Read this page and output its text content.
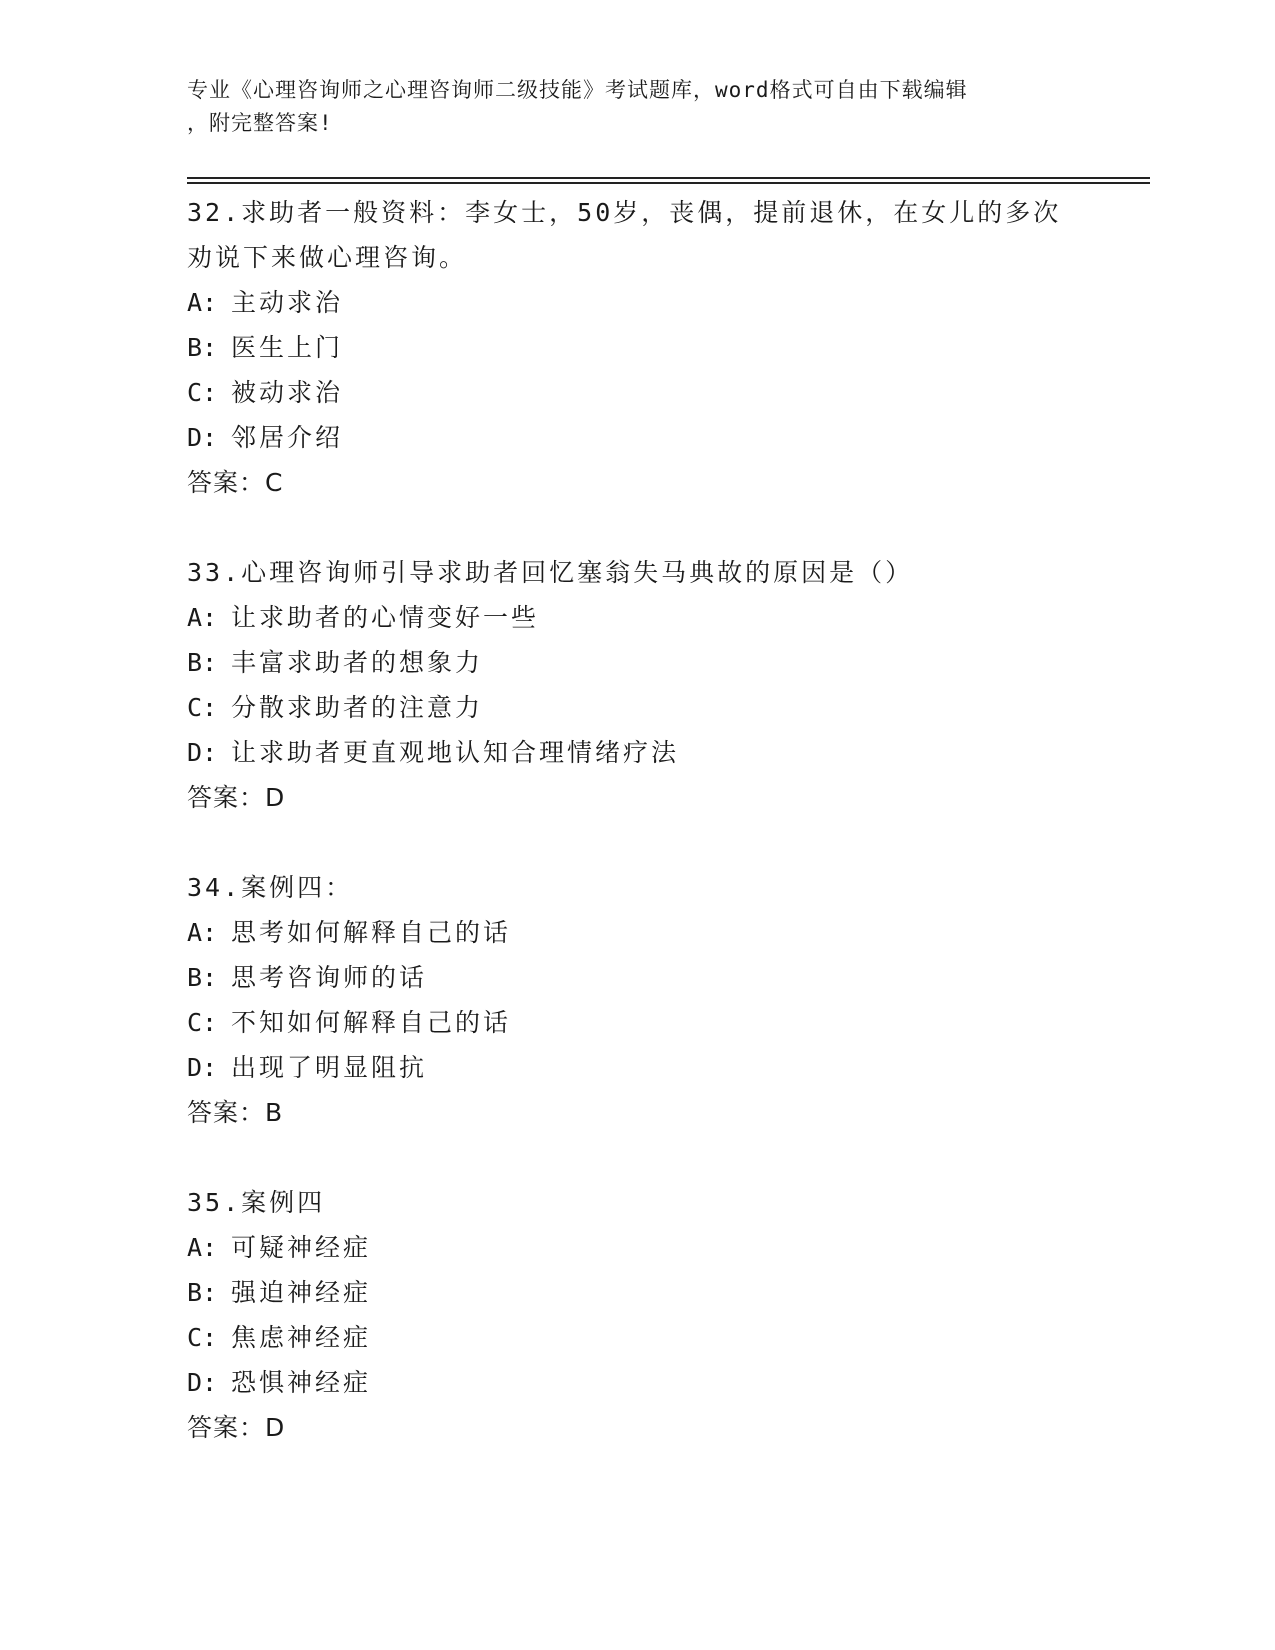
专业《心理咨询师之心理咨询师二级技能》考试题库，word格式可自由下载编辑
，附完整答案!
32.求助者一般资料：李女士，50岁，丧偶，提前退休，在女儿的多次
劝说下来做心理咨询。
A: 主动求治
B: 医生上门
C: 被动求治
D: 邻居介绍
答案：C
33.心理咨询师引导求助者回忆塞翁失马典故的原因是（）
A: 让求助者的心情变好一些
B: 丰富求助者的想象力
C: 分散求助者的注意力
D: 让求助者更直观地认知合理情绪疗法
答案：D
34.案例四：
A: 思考如何解释自己的话
B: 思考咨询师的话
C: 不知如何解释自己的话
D: 出现了明显阻抗
答案：B
35.案例四
A: 可疑神经症
B: 强迫神经症
C: 焦虑神经症
D: 恐惧神经症
答案：D
